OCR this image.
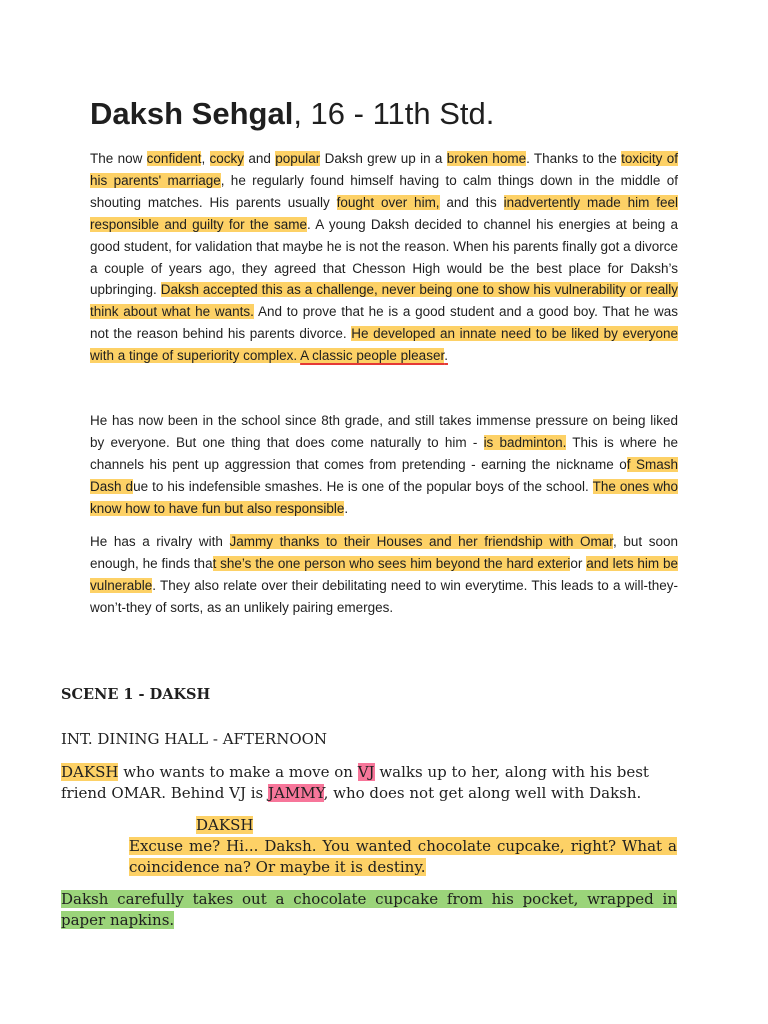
Daksh Sehgal, 16 - 11th Std.

The now confident, cocky and popular Daksh grew up in a broken home. Thanks to the toxicity of his parents' marriage, he regularly found himself having to calm things down in the middle of shouting matches. His parents usually fought over him, and this inadvertently made him feel responsible and guilty for the same. A young Daksh decided to channel his energies at being a good student, for validation that maybe he is not the reason. When his parents finally got a divorce a couple of years ago, they agreed that Chesson High would be the best place for Daksh’s upbringing. Daksh accepted this as a challenge, never being one to show his vulnerability or really think about what he wants. And to prove that he is a good student and a good boy. That he was not the reason behind his parents divorce. He developed an innate need to be liked by everyone with a tinge of superiority complex. A classic people pleaser.

He has now been in the school since 8th grade, and still takes immense pressure on being liked by everyone. But one thing that does come naturally to him - is badminton. This is where he channels his pent up aggression that comes from pretending - earning the nickname of Smash Dash due to his indefensible smashes. He is one of the popular boys of the school. The ones who know how to have fun but also responsible.

He has a rivalry with Jammy thanks to their Houses and her friendship with Omar, but soon enough, he finds that she’s the one person who sees him beyond the hard exterior and lets him be vulnerable. They also relate over their debilitating need to win everytime. This leads to a will-they-won’t-they of sorts, as an unlikely pairing emerges.

SCENE 1 - DAKSH
INT. DINING HALL - AFTERNOON
DAKSH who wants to make a move on VJ walks up to her, along with his best friend OMAR. Behind VJ is JAMMY, who does not get along well with Daksh.
DAKSH
Excuse me? Hi... Daksh. You wanted chocolate cupcake, right? What a coincidence na? Or maybe it is destiny.
Daksh carefully takes out a chocolate cupcake from his pocket, wrapped in paper napkins.
